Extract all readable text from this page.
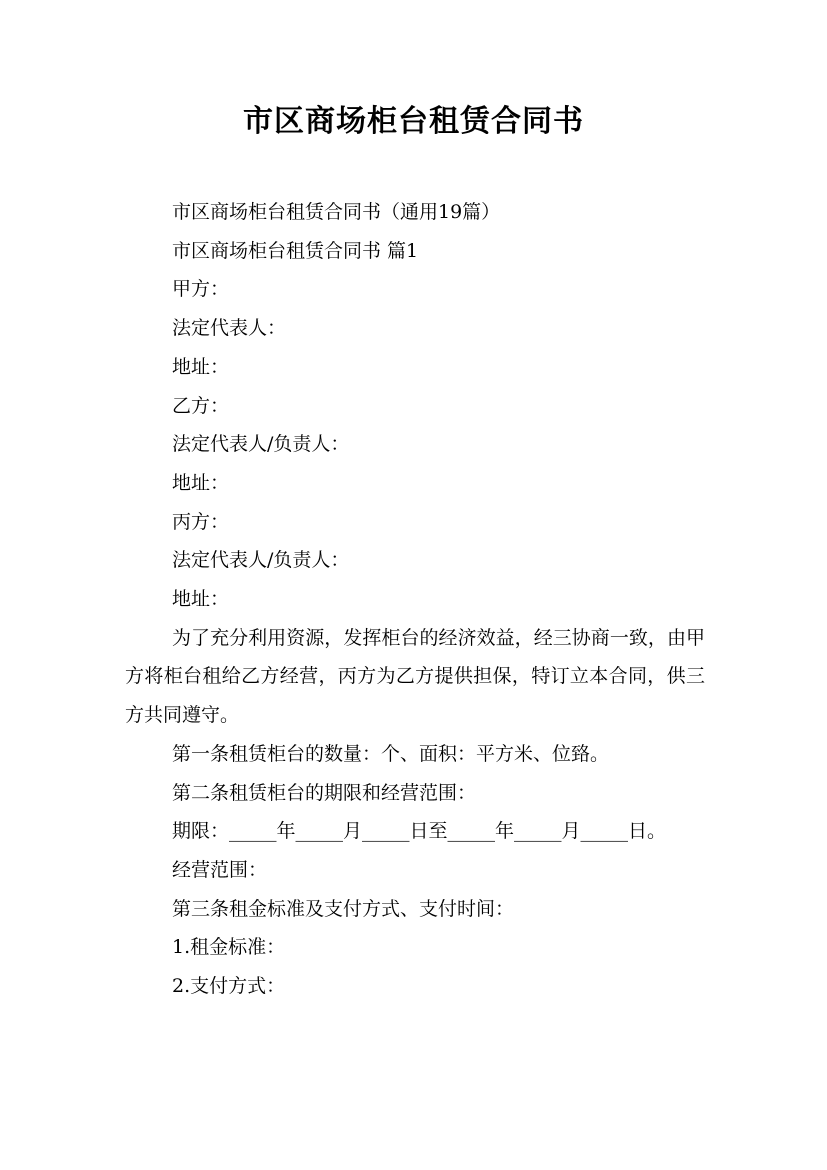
市区商场柜台租赁合同书

市区商场柜台租赁合同书（通用19篇）

市区商场柜台租赁合同书 篇1

甲方：

法定代表人：

地址：

乙方：

法定代表人/负责人：

地址：

丙方：

法定代表人/负责人：

地址：

为了充分利用资源，发挥柜台的经济效益，经三协商一致，由甲方将柜台租给乙方经营，丙方为乙方提供担保，特订立本合同，供三方共同遵守。

第一条租赁柜台的数量：个、面积：平方米、位臵。

第二条租赁柜台的期限和经营范围：

期限：_____年_____月_____日至_____年_____月_____日。

经营范围：

第三条租金标准及支付方式、支付时间：

1.租金标准：

2.支付方式：
